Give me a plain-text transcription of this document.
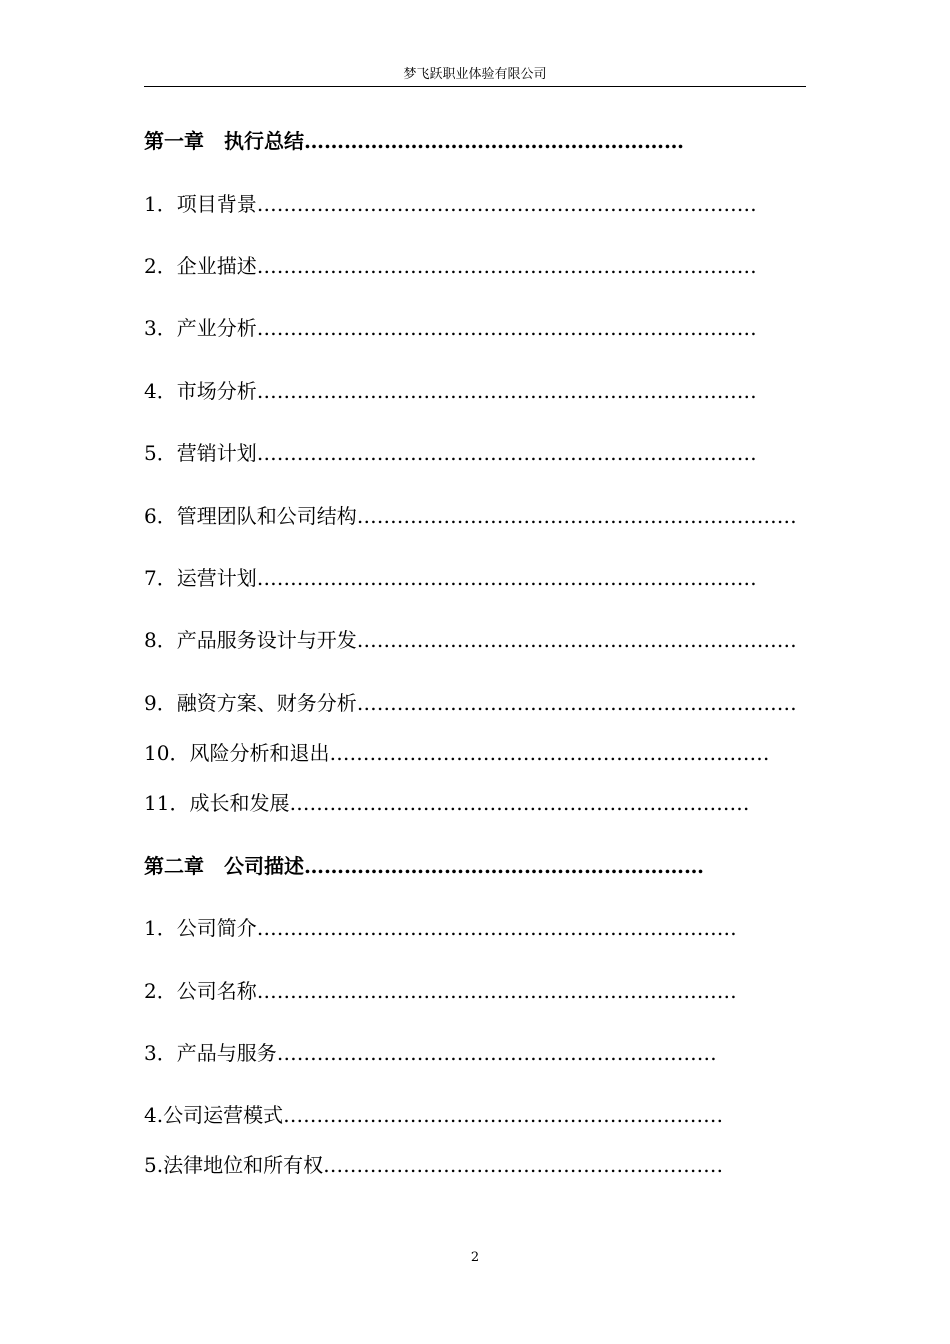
梦飞跃职业体验有限公司
第一章　执行总结…………………………………………………
1．项目背景…………………………………………………………………
2．企业描述…………………………………………………………………
3．产业分析…………………………………………………………………
4．市场分析…………………………………………………………………
5．营销计划…………………………………………………………………
6．管理团队和公司结构…………………………………………………………
7．运营计划…………………………………………………………………
8．产品服务设计与开发…………………………………………………………
9．融资方案、财务分析…………………………………………………………
10．风险分析和退出…………………………………………………………
11．成长和发展……………………………………………………………
第二章　公司描述……………………………………………………
1．公司简介………………………………………………………………
2．公司名称………………………………………………………………
3．产品与服务…………………………………………………………
4.公司运营模式…………………………………………………………
5.法律地位和所有权……………………………………………………
2
